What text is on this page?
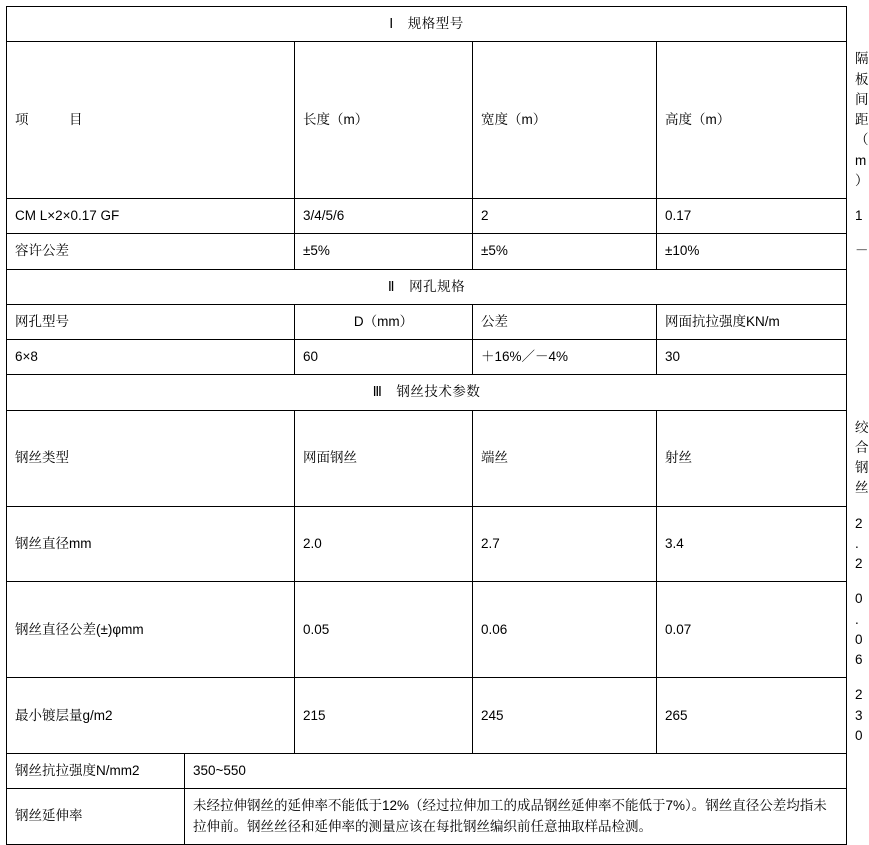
Ⅰ 规格型号					
项　　　目		长度（m）	宽度（m）	高度（m）	隔板间距（m）
CM L×2×0.17 GF		3/4/5/6	2	0.17	1
容许公差		±5%	±5%	±10%	－
Ⅱ 网孔规格					
网孔型号		D（mm）	公差	网面抗拉强度KN/m	
6×8		60	＋16%／－4%	30	
Ⅲ 钢丝技术参数					
钢丝类型		网面钢丝	端丝	射丝	绞合钢丝
钢丝直径mm		2.0	2.7	3.4	2.2
钢丝直径公差(±)φmm		0.05	0.06	0.07	0.06
最小镀层量g/m2		215	245	265	230
钢丝抗拉强度N/mm2	350~550				
钢丝延伸率	未经拉伸钢丝的延伸率不能低于12%（经过拉伸加工的成品钢丝延伸率不能低于7%）。钢丝直径公差均指未拉伸前。钢丝丝径和延伸率的测量应该在每批钢丝编织前任意抽取样品检测。				
